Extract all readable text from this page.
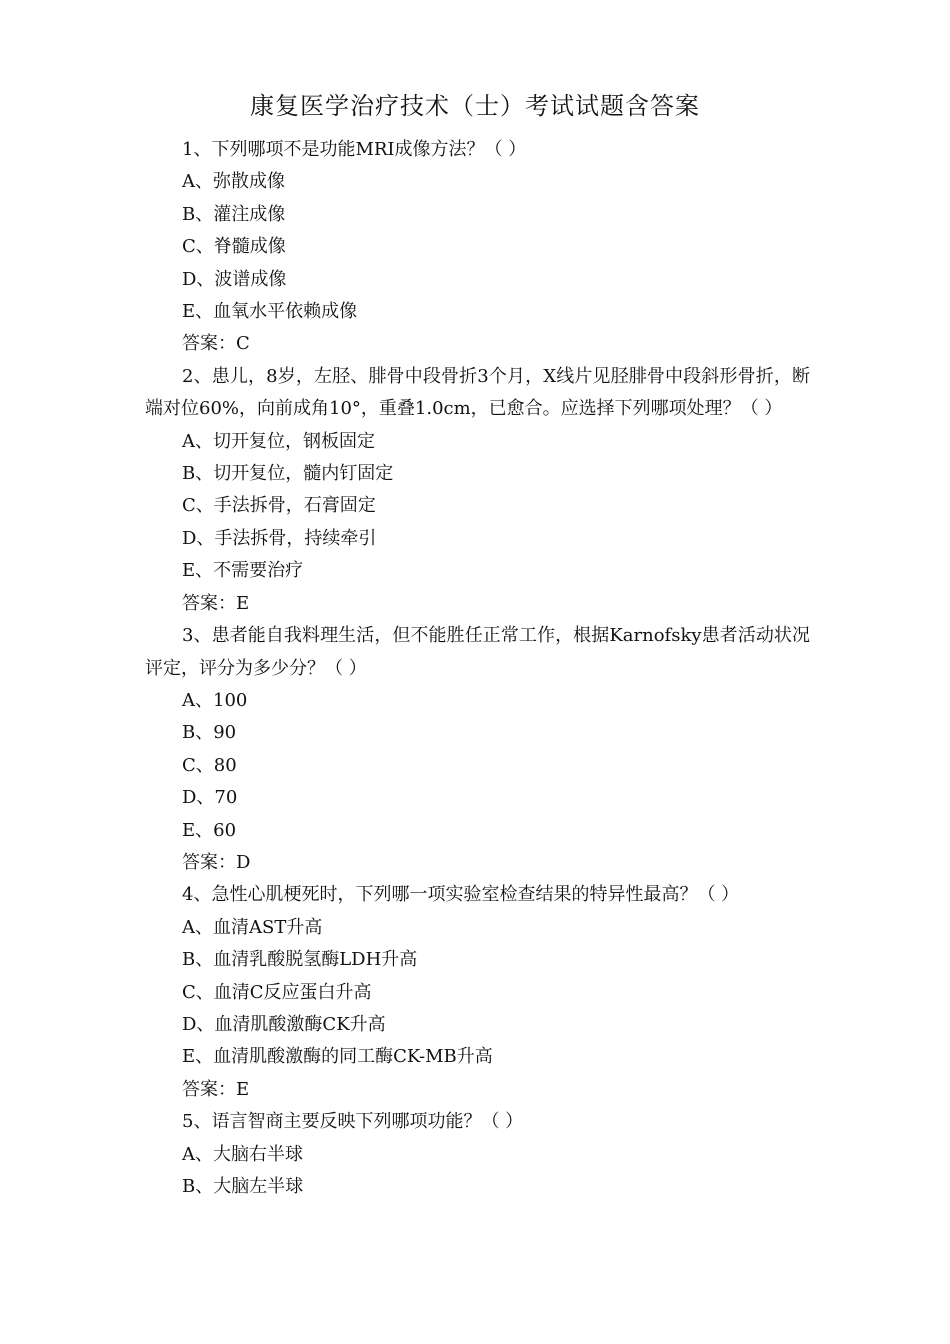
康复医学治疗技术（士）考试试题含答案
1、下列哪项不是功能MRI成像方法？（ ）
A、弥散成像
B、灌注成像
C、脊髓成像
D、波谱成像
E、血氧水平依赖成像
答案：C
2、患儿，8岁，左胫、腓骨中段骨折3个月，X线片见胫腓骨中段斜形骨折，断端对位60%，向前成角10°，重叠1.0cm，已愈合。应选择下列哪项处理？（ ）
A、切开复位，钢板固定
B、切开复位，髓内钉固定
C、手法拆骨，石膏固定
D、手法拆骨，持续牵引
E、不需要治疗
答案：E
3、患者能自我料理生活，但不能胜任正常工作，根据Karnofsky患者活动状况评定，评分为多少分？（ ）
A、100
B、90
C、80
D、70
E、60
答案：D
4、急性心肌梗死时，下列哪一项实验室检查结果的特异性最高？（ ）
A、血清AST升高
B、血清乳酸脱氢酶LDH升高
C、血清C反应蛋白升高
D、血清肌酸激酶CK升高
E、血清肌酸激酶的同工酶CK-MB升高
答案：E
5、语言智商主要反映下列哪项功能？（ ）
A、大脑右半球
B、大脑左半球
